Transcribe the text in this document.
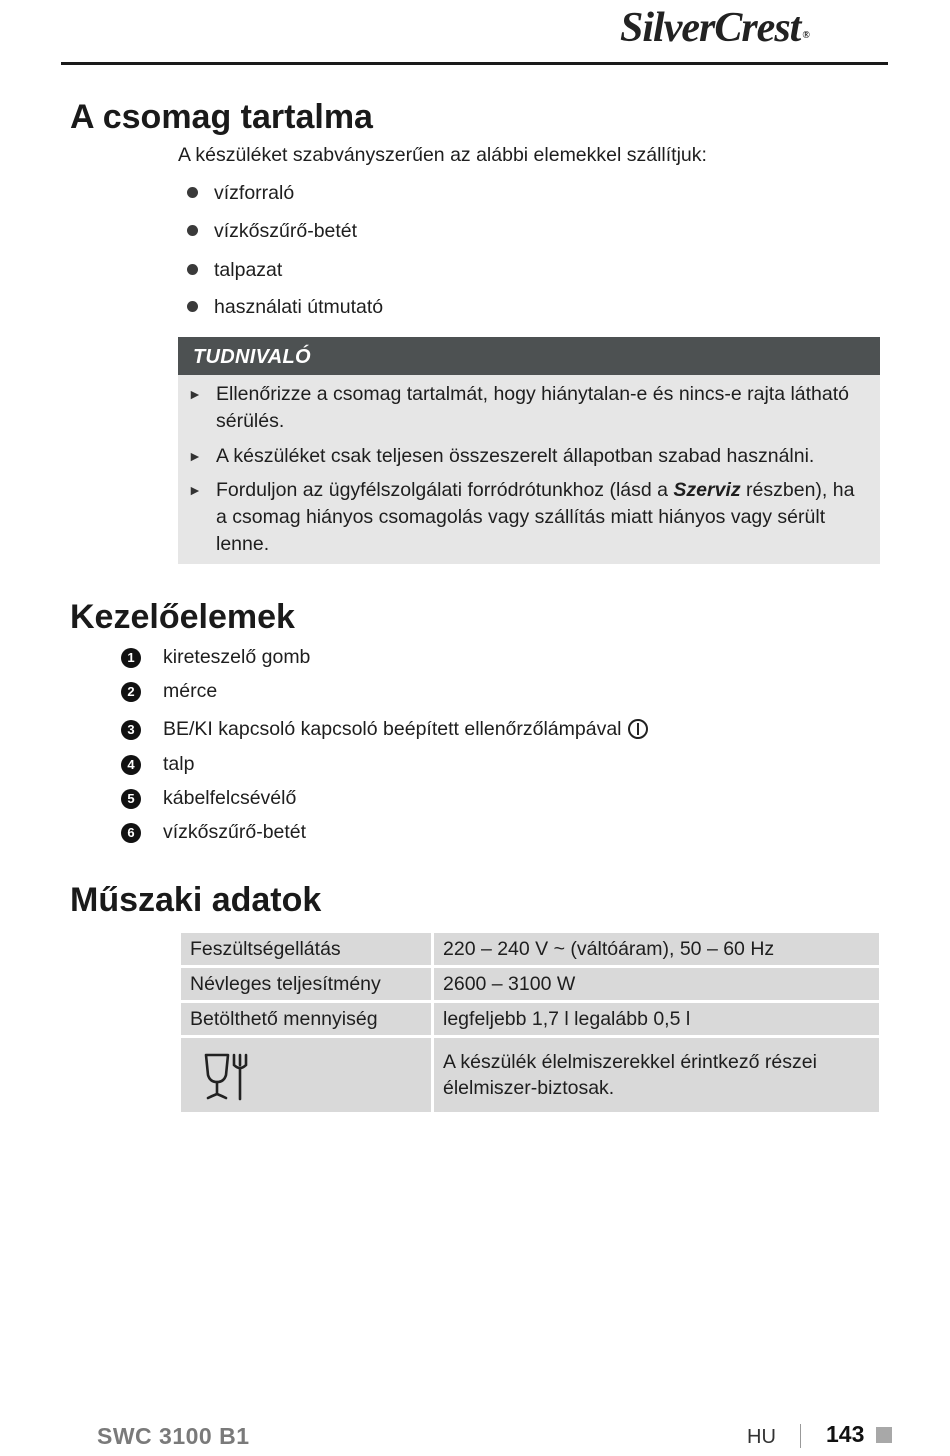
SilverCrest ®
A csomag tartalma
A készüléket szabványszerűen az alábbi elemekkel szállítjuk:
vízforraló
vízkőszűrő-betét
talpazat
használati útmutató
TUDNIVALÓ
► Ellenőrizze a csomag tartalmát, hogy hiánytalan-e és nincs-e rajta látható sérülés.
► A készüléket csak teljesen összeszerelt állapotban szabad használni.
► Forduljon az ügyfélszolgálati forródrótunkhoz (lásd a Szerviz részben), ha a csomag hiányos csomagolás vagy szállítás miatt hiányos vagy sérült lenne.
Kezelőelemek
1 kireteszelő gomb
2 mérce
3 BE/KI kapcsoló kapcsoló beépített ellenőrzőlámpával
4 talp
5 kábelfelcsévélő
6 vízkőszűrő-betét
Műszaki adatok
Feszültségellátás	220 – 240 V ~ (váltóáram), 50 – 60 Hz
Névleges teljesítmény	2600 – 3100 W
Betölthető mennyiség	legfeljebb 1,7 l legalább 0,5 l

	A készülék élelmiszerekkel érintkező részei élelmiszer-biztosak.
SWC 3100 B1	HU 143
